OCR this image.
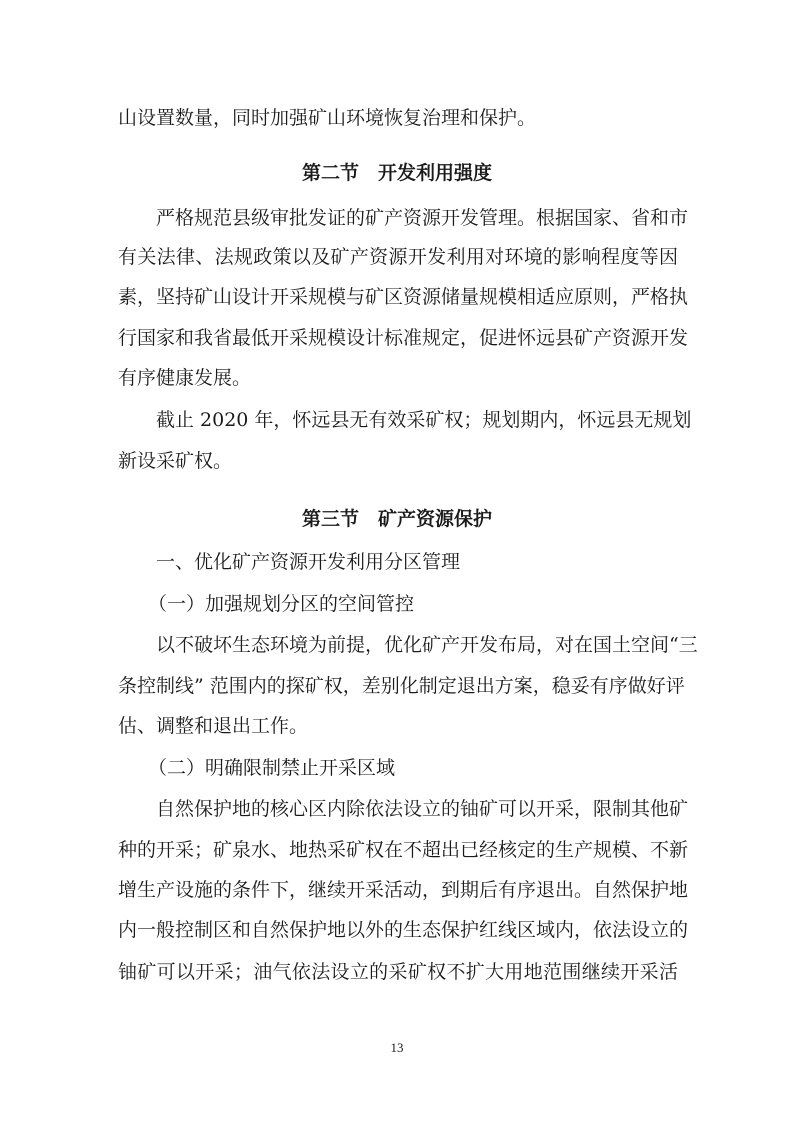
山设置数量，同时加强矿山环境恢复治理和保护。
第二节　开发利用强度
严格规范县级审批发证的矿产资源开发管理。根据国家、省和市
有关法律、法规政策以及矿产资源开发利用对环境的影响程度等因
素，坚持矿山设计开采规模与矿区资源储量规模相适应原则，严格执
行国家和我省最低开采规模设计标准规定，促进怀远县矿产资源开发
有序健康发展。
截止 2020 年，怀远县无有效采矿权；规划期内，怀远县无规划
新设采矿权。
第三节　矿产资源保护
一、优化矿产资源开发利用分区管理
（一）加强规划分区的空间管控
以不破坏生态环境为前提，优化矿产开发布局，对在国土空间“三
条控制线” 范围内的探矿权，差别化制定退出方案，稳妥有序做好评
估、调整和退出工作。
（二）明确限制禁止开采区域
自然保护地的核心区内除依法设立的铀矿可以开采，限制其他矿
种的开采；矿泉水、地热采矿权在不超出已经核定的生产规模、不新
增生产设施的条件下，继续开采活动，到期后有序退出。自然保护地
内一般控制区和自然保护地以外的生态保护红线区域内，依法设立的
铀矿可以开采；油气依法设立的采矿权不扩大用地范围继续开采活
13
